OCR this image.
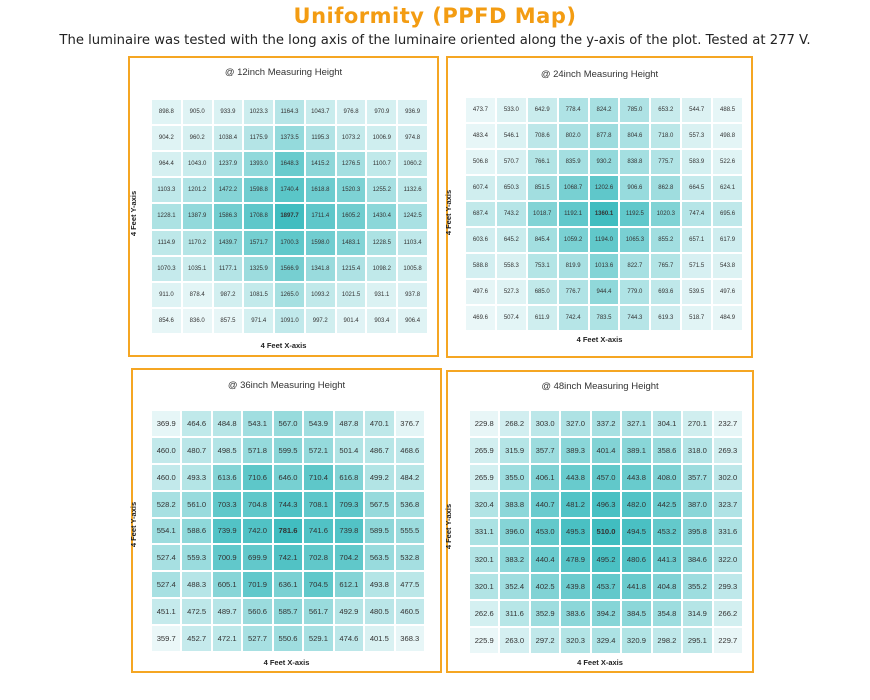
Uniformity (PPFD Map)
The luminaire was tested with the long axis of the luminaire oriented along the y-axis of the plot. Tested at 277 V.
@ 12inch Measuring Height
898.8	905.0	933.9	1023.3	1164.3	1043.7	976.8	970.9	936.9
904.2	960.2	1038.4	1175.9	1373.5	1195.3	1073.2	1006.9	974.8
964.4	1043.0	1237.9	1393.0	1648.3	1415.2	1276.5	1100.7	1060.2
1103.3	1201.2	1472.2	1598.8	1740.4	1618.8	1520.3	1255.2	1132.6
1228.1	1387.9	1586.3	1708.8	1897.7	1711.4	1605.2	1430.4	1242.5
1114.9	1170.2	1439.7	1571.7	1700.3	1598.0	1483.1	1228.5	1103.4
1070.3	1035.1	1177.1	1325.9	1566.9	1341.8	1215.4	1098.2	1005.8
911.0	878.4	987.2	1081.5	1265.0	1093.2	1021.5	931.1	937.8
854.6	836.0	857.5	971.4	1091.0	997.2	901.4	903.4	906.4
4 Feet Y-axis
4 Feet X-axis
@ 24inch Measuring Height
473.7	533.0	642.9	778.4	824.2	785.0	653.2	544.7	488.5
483.4	546.1	708.6	802.0	877.8	804.6	718.0	557.3	498.8
506.8	570.7	766.1	835.9	930.2	838.8	775.7	583.9	522.6
607.4	650.3	851.5	1068.7	1202.6	906.6	862.8	664.5	624.1
687.4	743.2	1018.7	1192.1	1360.1	1192.5	1020.3	747.4	695.6
603.6	645.2	845.4	1059.2	1194.0	1065.3	855.2	657.1	617.9
588.8	558.3	753.1	819.9	1013.6	822.7	765.7	571.5	543.8
497.6	527.3	685.0	776.7	944.4	779.0	693.6	539.5	497.6
469.6	507.4	611.9	742.4	783.5	744.3	619.3	518.7	484.9
4 Feet Y-axis
4 Feet X-axis
@ 36inch Measuring Height
369.9	464.6	484.8	543.1	567.0	543.9	487.8	470.1	376.7
460.0	480.7	498.5	571.8	599.5	572.1	501.4	486.7	468.6
460.0	493.3	613.6	710.6	646.0	710.4	616.8	499.2	484.2
528.2	561.0	703.3	704.8	744.3	708.1	709.3	567.5	536.8
554.1	588.6	739.9	742.0	781.6	741.6	739.8	589.5	555.5
527.4	559.3	700.9	699.9	742.1	702.8	704.2	563.5	532.8
527.4	488.3	605.1	701.9	636.1	704.5	612.1	493.8	477.5
451.1	472.5	489.7	560.6	585.7	561.7	492.9	480.5	460.5
359.7	452.7	472.1	527.7	550.6	529.1	474.6	401.5	368.3
4 Feet Y-axis
4 Feet X-axis
@ 48inch Measuring Height
229.8	268.2	303.0	327.0	337.2	327.1	304.1	270.1	232.7
265.9	315.9	357.7	389.3	401.4	389.1	358.6	318.0	269.3
265.9	355.0	406.1	443.8	457.0	443.8	408.0	357.7	302.0
320.4	383.8	440.7	481.2	496.3	482.0	442.5	387.0	323.7
331.1	396.0	453.0	495.3	510.0	494.5	453.2	395.8	331.6
320.1	383.2	440.4	478.9	495.2	480.6	441.3	384.6	322.0
320.1	352.4	402.5	439.8	453.7	441.8	404.8	355.2	299.3
262.6	311.6	352.9	383.6	394.2	384.5	354.8	314.9	266.2
225.9	263.0	297.2	320.3	329.4	320.9	298.2	295.1	229.7
4 Feet Y-axis
4 Feet X-axis
